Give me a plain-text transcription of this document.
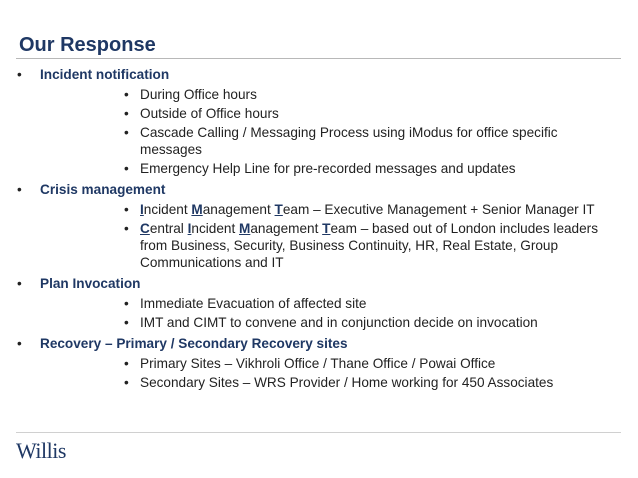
Our Response
• Incident notification
• During Office hours
• Outside of Office hours
• Cascade Calling / Messaging Process using iModus for office specific messages
• Emergency Help Line for pre-recorded messages and updates
• Crisis management
• Incident Management Team – Executive Management + Senior Manager IT
• Central Incident Management Team – based out of London includes leaders from Business, Security, Business Continuity, HR, Real Estate, Group Communications and IT
• Plan Invocation
• Immediate Evacuation of affected site
• IMT and CIMT to convene and in conjunction decide on invocation
• Recovery – Primary / Secondary Recovery sites
• Primary Sites – Vikhroli Office / Thane Office / Powai Office
• Secondary Sites – WRS Provider / Home working for 450 Associates
Willis
